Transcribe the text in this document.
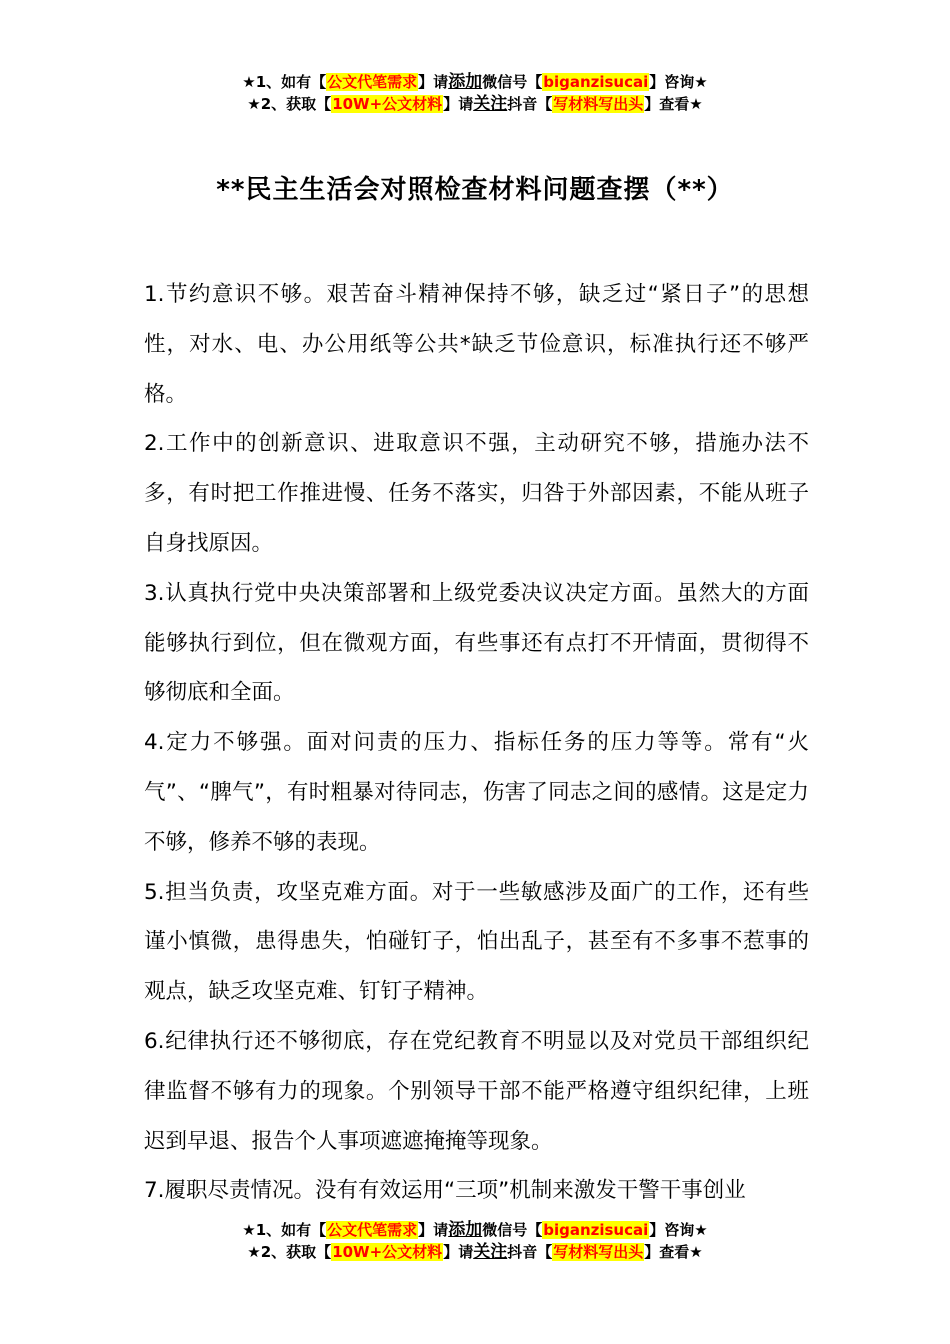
★1、如有【公文代笔需求】请添加微信号【biganzisucai】咨询★
★2、获取【10W+公文材料】请关注抖音【写材料写出头】查看★
**民主生活会对照检查材料问题查摆（**）

1.节约意识不够。艰苦奋斗精神保持不够，缺乏过“紧日子”的思想性，对水、电、办公用纸等公共*缺乏节俭意识，标准执行还不够严格。

2.工作中的创新意识、进取意识不强，主动研究不够，措施办法不多，有时把工作推进慢、任务不落实，归咎于外部因素，不能从班子自身找原因。

3.认真执行党中央决策部署和上级党委决议决定方面。虽然大的方面能够执行到位，但在微观方面，有些事还有点打不开情面，贯彻得不够彻底和全面。

4.定力不够强。面对问责的压力、指标任务的压力等等。常有“火气”、“脾气”，有时粗暴对待同志，伤害了同志之间的感情。这是定力不够，修养不够的表现。

5.担当负责，攻坚克难方面。对于一些敏感涉及面广的工作，还有些谨小慎微，患得患失，怕碰钉子，怕出乱子，甚至有不多事不惹事的观点，缺乏攻坚克难、钉钉子精神。

6.纪律执行还不够彻底，存在党纪教育不明显以及对党员干部组织纪律监督不够有力的现象。个别领导干部不能严格遵守组织纪律，上班迟到早退、报告个人事项遮遮掩掩等现象。

7.履职尽责情况。没有有效运用“三项”机制来激发干警干事创业

★1、如有【公文代笔需求】请添加微信号【biganzisucai】咨询★
★2、获取【10W+公文材料】请关注抖音【写材料写出头】查看★
